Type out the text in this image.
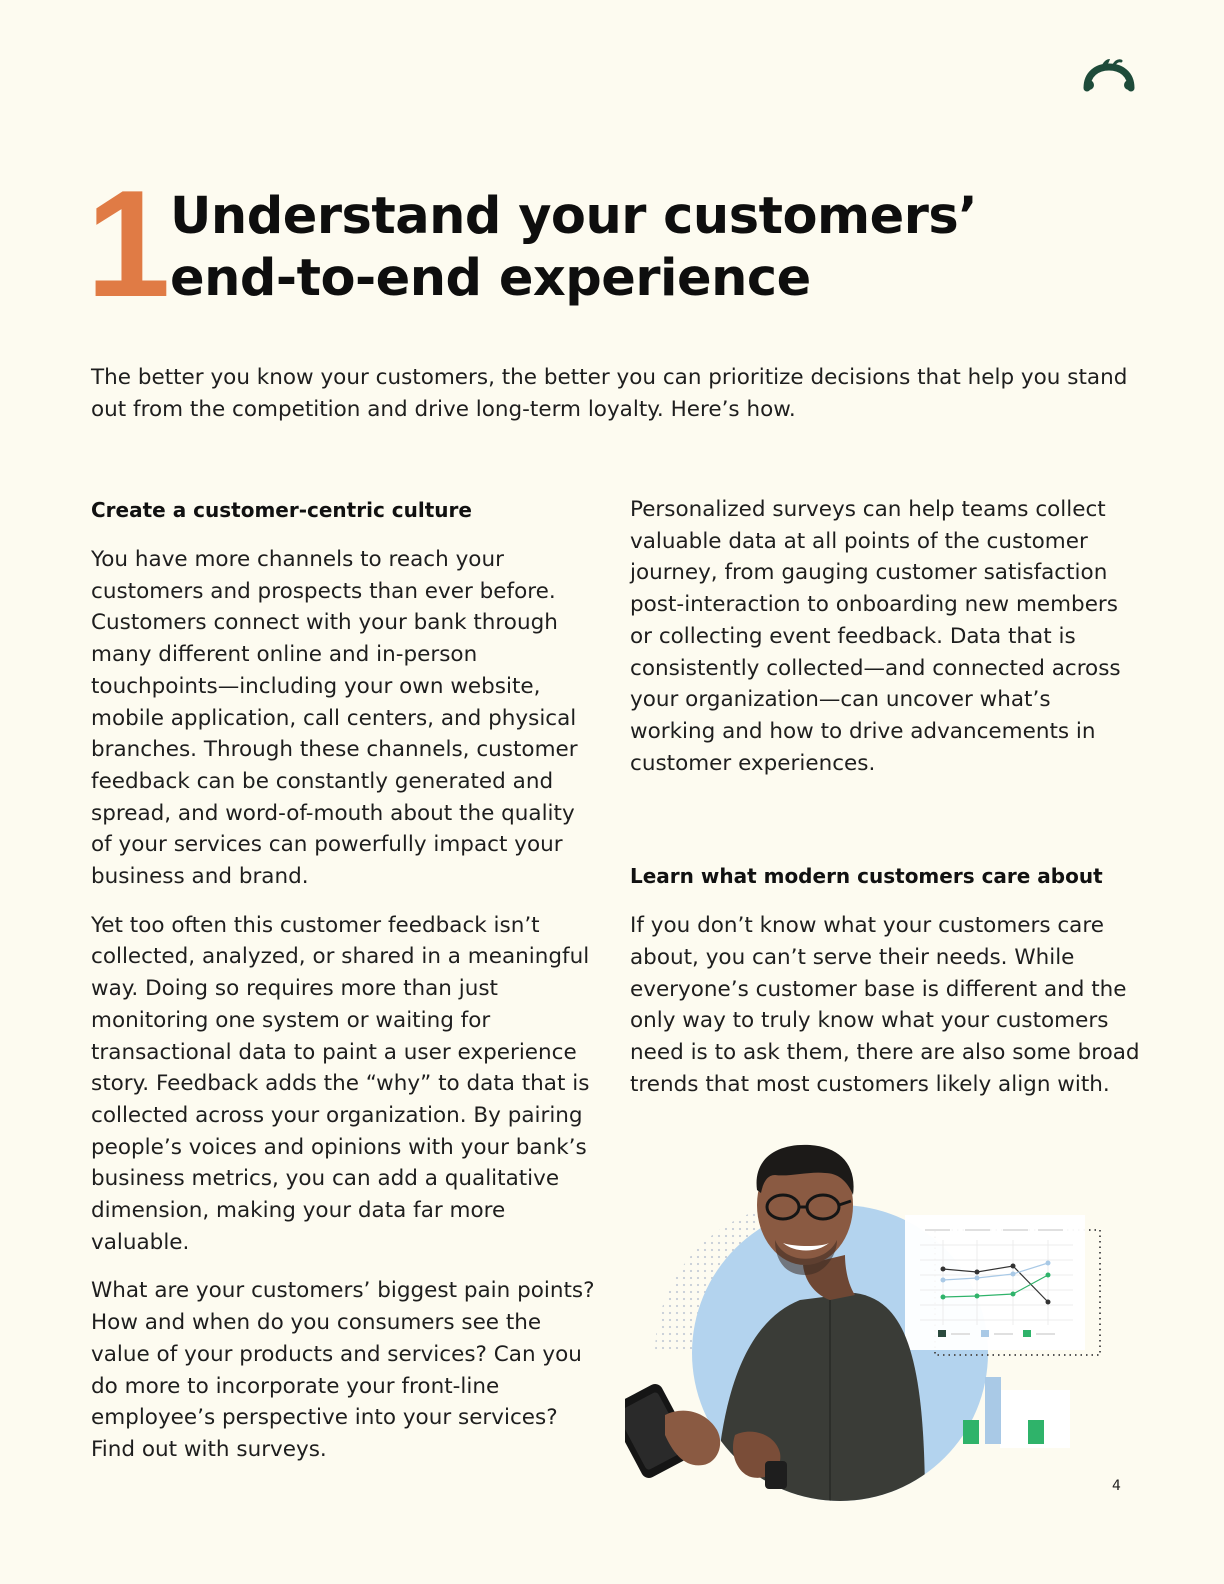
1 Understand your customers’
end-to-end experience

The better you know your customers, the better you can prioritize decisions that help you stand out from the competition and drive long-term loyalty. Here’s how.

Create a customer-centric culture

You have more channels to reach your customers and prospects than ever before. Customers connect with your bank through many different online and in-person touchpoints—including your own website, mobile application, call centers, and physical branches. Through these channels, customer feedback can be constantly generated and spread, and word-of-mouth about the quality of your services can powerfully impact your business and brand.

Yet too often this customer feedback isn’t collected, analyzed, or shared in a meaningful way. Doing so requires more than just monitoring one system or waiting for transactional data to paint a user experience story. Feedback adds the “why” to data that is collected across your organization. By pairing people’s voices and opinions with your bank’s business metrics, you can add a qualitative dimension, making your data far more valuable.

What are your customers’ biggest pain points? How and when do you consumers see the value of your products and services? Can you do more to incorporate your front-line employee’s perspective into your services? Find out with surveys.

Personalized surveys can help teams collect valuable data at all points of the customer journey, from gauging customer satisfaction post-interaction to onboarding new members or collecting event feedback. Data that is consistently collected—and connected across your organization—can uncover what’s working and how to drive advancements in customer experiences.

Learn what modern customers care about

If you don’t know what your customers care about, you can’t serve their needs. While everyone’s customer base is different and the only way to truly know what your customers need is to ask them, there are also some broad trends that most customers likely align with.

4
